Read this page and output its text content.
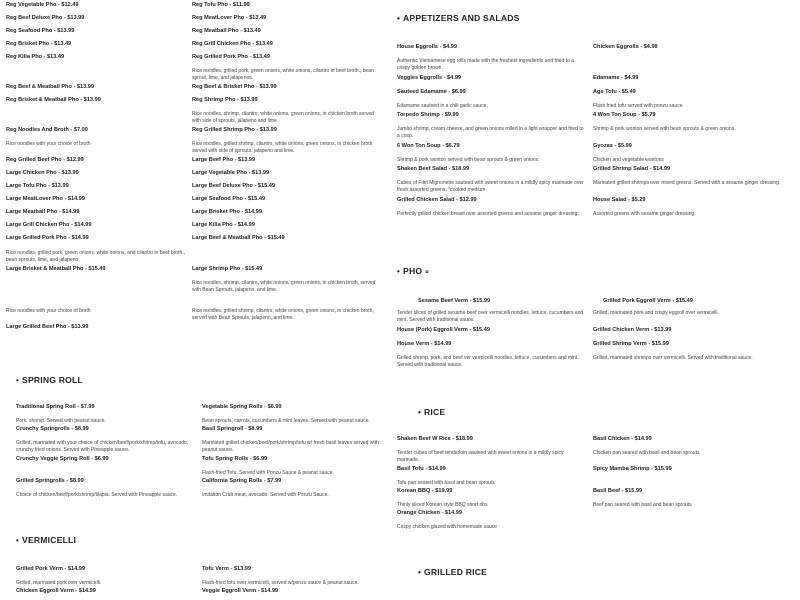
Reg Vegetable Pho - $12.49
Reg Beef Deluxe Pho - $13.99
Reg Seafood Pho - $13.99
Reg Brisket Pho - $13.49
Reg Killa Pho - $13.49
Reg Beef & Meatball Pho - $13.99
Reg Brisket & Meatball Pho - $13.99
Reg Noodles And Broth - $7.00
Rice noodles with your choice of broth
Reg Grilled Beef Pho - $12.99
Large Chicken Pho - $13.99
Large Tofu Pho - $13.99
Large MeatLover Pho - $14.99
Large Meatball Pho - $14.99
Large Grill Chicken Pho - $14.99
Large Grilled Pork Pho - $14.99
Rice noodles, grilled pork, green onions, white onions, and cilantro in beef broth., bean sprouts, lime, and jalapeno
Large Brisket & Meatball Pho - $15.49
Rice noodles with your choice of broth
Large Grilled Beef Pho - $13.99
Reg Tofu Pho - $11.99
Reg MeatLover Pho - $13.49
Reg Meatball Pho - $13.49
Reg Grill Chicken Pho - $13.49
Reg Grilled Pork Pho - $13.49
Rice noodles, grilled pork, green onions, white onions, cilantro in beef broth., bean sprout, lime, and jalapenos.
Reg Beef & Brisket Pho - $13.99
Reg Shrimp Pho - $13.99
Rice noodles, shrimp, cilantro, white onions, green onions, in chicken broth served with side of sprouts, jalapeno and lime.
Reg Grilled Shrimp Pho - $13.99
Rice noodles, grilled shrimp, cilantro, white onions, green onions, in chicken broth served with side of sprouts, jalapeno and lime.
Large Beef Pho - $13.99
Large Vegetable Pho - $13.99
Large Beef Deluxe Pho - $15.49
Large Seafood Pho - $15.49
Large Brisket Pho - $14.99
Large Killa Pho - $14.99
Large Beef & Meatball Pho - $15.49
Large Shrimp Pho - $15.49
Rice noodles, shrimp, cilantro, white onions, green onions, in chicken broth, served with Bean Sprouts, jalapeno, and lime.
Rice noodles, grilled shrimp, cilantro, white onions, green onions, in chicken broth, served with Bean Sprouts, jalapeno, and lime.
House Eggrolls - $4.99
Authentic Vietnamese egg rolls made with the freshest ingredients and fried to a crispy golden brown.
Veggies Eggrolls - $4.99
Sauteed Edamame - $6.99
Edamame sauteed in a chili garlic sauce.
Torpedo Shrimp - $9.99
Jumbo shrimp, cream cheese, and green onions rolled in a light wrapper and fried to a crisp.
6 Won Ton Soup - $6.79
Shrimp & pork wonton served with bean sprouts & green onions.
Shaken Beef Salad - $18.99
Cubes of Filet Mignonette sauteed with sweet onions in a mildly spicy marinade over fresh assorted greens. *cooked medium
Grilled Chicken Salad - $12.99
Perfectly grilled chicken breast over assorted greens and sesame ginger dressing.
Tender slices of grilled sesame beef over vermicelli noodles, lettuce, cucumbers and mint. Served with traditional sauce.
House (Pork) Eggroll Verm - $15.49
House Verm - $14.99
Grilled shrimp, pork, and beef ver vermicelli noodles, lettuce, cucumbers and mint. Served with traditional sauce.
Shaken Beef W Rice - $18.99
Tender cubes of beef tenderloin sauteed with sweet onions in a mildly spicy marinade.
Basil Tofu - $14.99
Tofu pan seared with basil and bean sprouts
Korean BBQ - $19.99
Thinly sliced Korean style BBQ short ribs
Orange Chicken - $14.99
Crispy chicken glazed with homemade sauce
Chicken Eggrolls - $4.99
Edamame - $4.99
Age Tofu - $5.49
Flash fried tofu served with ponzu sauce.
4 Won Ton Soup - $5.79
Shrimp & pork wonton served with bean sprouts & green onions.
Gyozas - $5.99
Chicken and vegetable wontons
Grilled Shrimp Salad - $14.99
Marinated grilled shrimps over mixed greens. Served with a sesame ginger dressing.
House Salad - $5.29
Assorted greens with sesame ginger dressing.
Grilled, marinated pork and crispy eggroll over vermicelli.
Grilled Chicken Verm - $13.99
Grilled Shrimp Verm - $15.99
Grilled, marinated shrimps over vermicelli. Served with traditional sauce.
Basil Chicken - $14.99
Chicken pan seared with basil and bean sprouts
Spicy Mamba Shrimp - $15.99
Basil Beef - $15.99
Beef pan seared with basil and bean sprouts
Traditional Spring Roll - $7.99
Pork, shrimp. Served with peanut sauce.
Crunchy Springrolls - $8.99
Grilled, marinated with your choice of chicken/beef/pork/shrimp/tofu, avocado, crunchy fried onions. Served with Pineapple sauce.
Crunchy Veggie Spring Roll - $6.99
Grilled Springrolls - $8.99
Choice of chicken/beef/pork/shrimp/tilapia. Served with Pineapple sauce.
Vegetable Spring Rolls - $6.99
Bean sprouts, carrots, cucumbers & mint leaves. Served with peanut sauce.
Basil Springroll - $8.99
Marinated grilled chicken/beef/pork/shrimp/tofu w/ fresh basil leaves served with peanut sauce.
Tofu Spring Rolls - $6.99
Flash-fried Tofu. Served with Ponzu Sauce & peanut sauce.
California Spring Rolls - $7.99
Imitation Crab meat, avocado. Served with Ponzu Sauce.
Grilled Pork Verm - $14.99
Grilled, marinated pork over vermicelli.
Chicken Eggroll Verm - $14.99
Tofu Verm - $13.99
Flash-fried tofu over vermicelli, served w/ponzu sauce & peanut sauce.
Veggie Eggroll Verm - $14.99
Sesame Beef Verm - $15.99	Grilled Pork Eggroll Verm - $15.49
• APPETIZERS AND SALADS
• PHO ¤
• SPRING ROLL
• RICE
• VERMICELLI
• GRILLED RICE
